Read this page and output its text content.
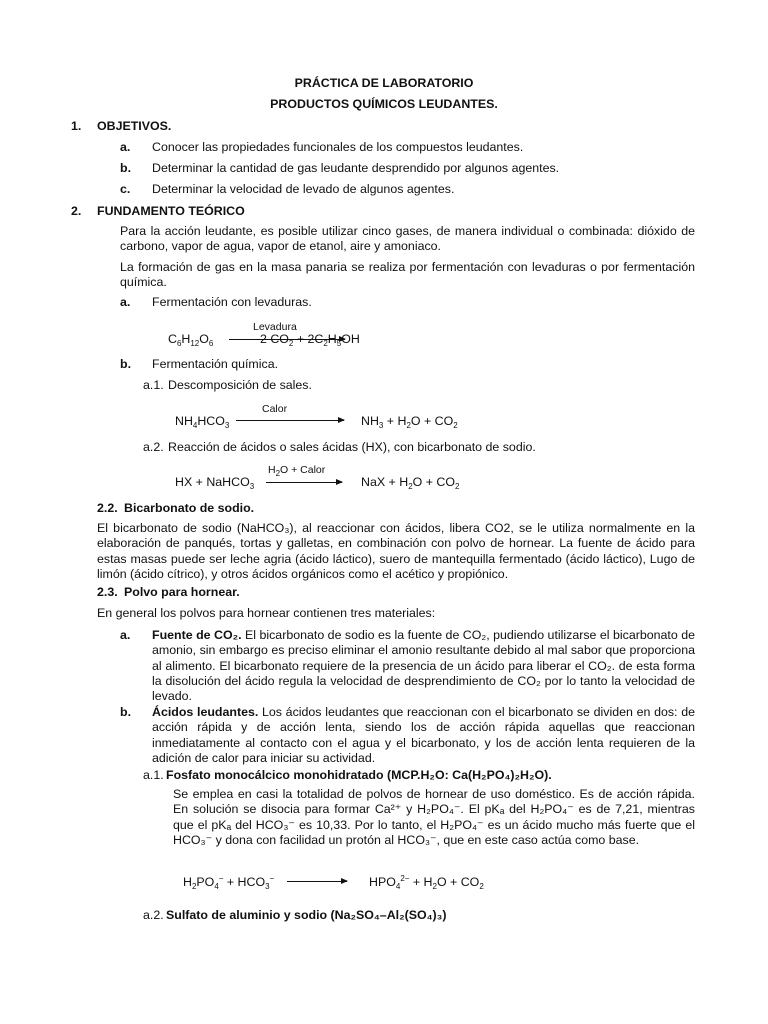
PRÁCTICA DE LABORATORIO
PRODUCTOS QUÍMICOS LEUDANTES.
1. OBJETIVOS.
a. Conocer las propiedades funcionales de los compuestos leudantes.
b. Determinar la cantidad de gas leudante desprendido por algunos agentes.
c. Determinar la velocidad de levado de algunos agentes.
2. FUNDAMENTO TEÓRICO
Para la acción leudante, es posible utilizar cinco gases, de manera individual o combinada: dióxido de carbono, vapor de agua, vapor de etanol, aire y amoniaco.
La formación de gas en la masa panaria se realiza por fermentación con levaduras o por fermentación química.
a. Fermentación con levaduras.
Levadura
$C_6H_{12}O_6$	2 $CO_2 + 2C_2H_5OH$
b. Fermentación química.
a.1. Descomposición de sales.
Calor
$NH_4HCO_3$	$NH_3 + H_2O + CO_2$
a.2. Reacción de ácidos o sales ácidas (HX), con bicarbonato de sodio.
$H_2O$ + Calor
HX + NaHCO$_3$	NaX + $H_2O + CO_2$
2.2. Bicarbonato de sodio.
El bicarbonato de sodio (NaHCO₃), al reaccionar con ácidos, libera CO2, se le utiliza normalmente en la elaboración de panqués, tortas y galletas, en combinación con polvo de hornear. La fuente de ácido para estas masas puede ser leche agria (ácido láctico), suero de mantequilla fermentado (ácido láctico), Lugo de limón (ácido cítrico), y otros ácidos orgánicos como el acético y propiónico.
2.3. Polvo para hornear.
En general los polvos para hornear contienen tres materiales:
a. Fuente de CO₂. El bicarbonato de sodio es la fuente de CO₂, pudiendo utilizarse el bicarbonato de amonio, sin embargo es preciso eliminar el amonio resultante debido al mal sabor que proporciona al alimento. El bicarbonato requiere de la presencia de un ácido para liberar el CO₂. de esta forma la disolución del ácido regula la velocidad de desprendimiento de CO₂ por lo tanto la velocidad de levado.
b. Ácidos leudantes. Los ácidos leudantes que reaccionan con el bicarbonato se dividen en dos: de acción rápida y de acción lenta, siendo los de acción rápida aquellas que reaccionan inmediatamente al contacto con el agua y el bicarbonato, y los de acción lenta requieren de la adición de calor para iniciar su actividad.
a.1. Fosfato monocálcico monohidratado (MCP.H₂O: Ca(H₂PO₄)₂H₂O).
Se emplea en casi la totalidad de polvos de hornear de uso doméstico. Es de acción rápida. En solución se disocia para formar Ca²⁺ y H₂PO₄⁻. El pKₐ del H₂PO₄⁻ es de 7,21, mientras que el pKₐ del HCO₃⁻ es 10,33. Por lo tanto, el H₂PO₄⁻ es un ácido mucho más fuerte que el HCO₃⁻ y dona con facilidad un protón al HCO₃⁻, que en este caso actúa como base.
$H_2PO_4^- + HCO_3^-$	$HPO_4^{2-} + H_2O + CO_2$
a.2. Sulfato de aluminio y sodio (Na₂SO₄–Al₂(SO₄)₃)
